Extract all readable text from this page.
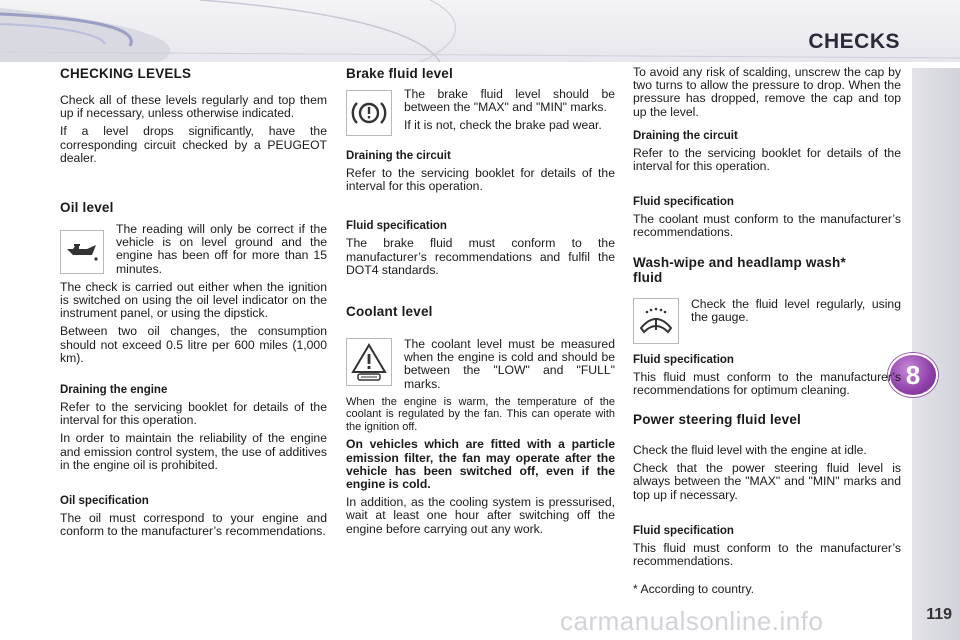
CHECKS
8
carmanualsonline.info	119
CHECKING LEVELS

Check all of these levels regularly and top them up if necessary, unless otherwise indicated.

If a level drops significantly, have the corresponding circuit checked by a PEUGEOT dealer.

Oil level

The reading will only be correct if the vehicle is on level ground and the engine has been off for more than 15 minutes.

The check is carried out either when the ignition is switched on using the oil level indicator on the instrument panel, or using the dipstick.

Between two oil changes, the consumption should not exceed 0.5 litre per 600 miles (1,000 km).

Draining the engine

Refer to the servicing booklet for details of the interval for this operation.

In order to maintain the reliability of the engine and emission control system, the use of additives in the engine oil is prohibited.

Oil specification

The oil must correspond to your engine and conform to the manufacturer’s recommendations.

Brake fluid level

The brake fluid level should be between the "MAX" and "MIN" marks.

If it is not, check the brake pad wear.

Draining the circuit

Refer to the servicing booklet for details of the interval for this operation.

Fluid specification

The brake fluid must conform to the manufacturer’s recommendations and fulfil the DOT4 standards.

Coolant level

The coolant level must be measured when the engine is cold and should be between the "LOW" and "FULL" marks.

When the engine is warm, the temperature of the coolant is regulated by the fan. This can operate with the ignition off.

On vehicles which are fitted with a particle emission filter, the fan may operate after the vehicle has been switched off, even if the engine is cold.

In addition, as the cooling system is pressurised, wait at least one hour after switching off the engine before carrying out any work.

To avoid any risk of scalding, unscrew the cap by two turns to allow the pressure to drop. When the pressure has dropped, remove the cap and top up the level.

Draining the circuit

Refer to the servicing booklet for details of the interval for this operation.

Fluid specification

The coolant must conform to the manufacturer’s recommendations.

Wash-wipe and headlamp wash* fluid

Check the fluid level regularly, using the gauge.

Fluid specification

This fluid must conform to the manufacturer’s recommendations for optimum cleaning.

Power steering fluid level

Check the fluid level with the engine at idle.

Check that the power steering fluid level is always between the "MAX" and "MIN" marks and top up if necessary.

Fluid specification

This fluid must conform to the manufacturer’s recommendations.

* According to country.
